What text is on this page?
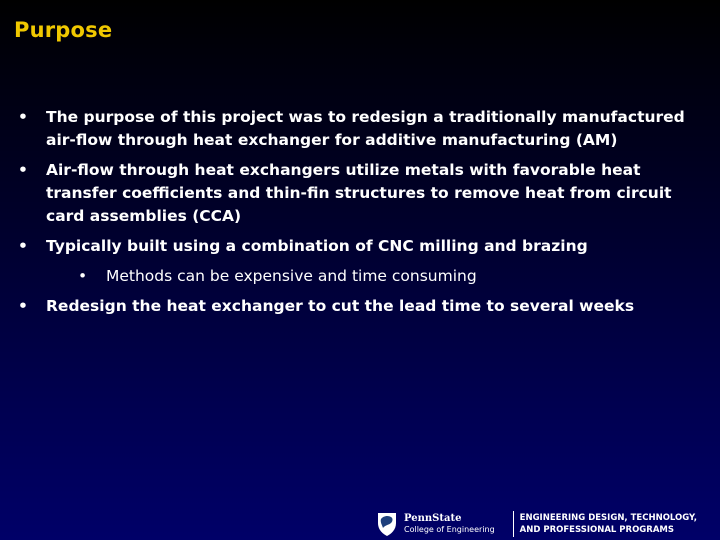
Purpose
•	The purpose of this project was to redesign a traditionally manufactured air-flow through heat exchanger for additive manufacturing (AM)
•	Air-flow through heat exchangers utilize metals with favorable heat transfer coefficients and thin-fin structures to remove heat from circuit card assemblies (CCA)
•	Typically built using a combination of CNC milling and brazing
• Methods can be expensive and time consuming
•	Redesign the heat exchanger to cut the lead time to several weeks
PennState
College of Engineering
ENGINEERING DESIGN, TECHNOLOGY,
AND PROFESSIONAL PROGRAMS
